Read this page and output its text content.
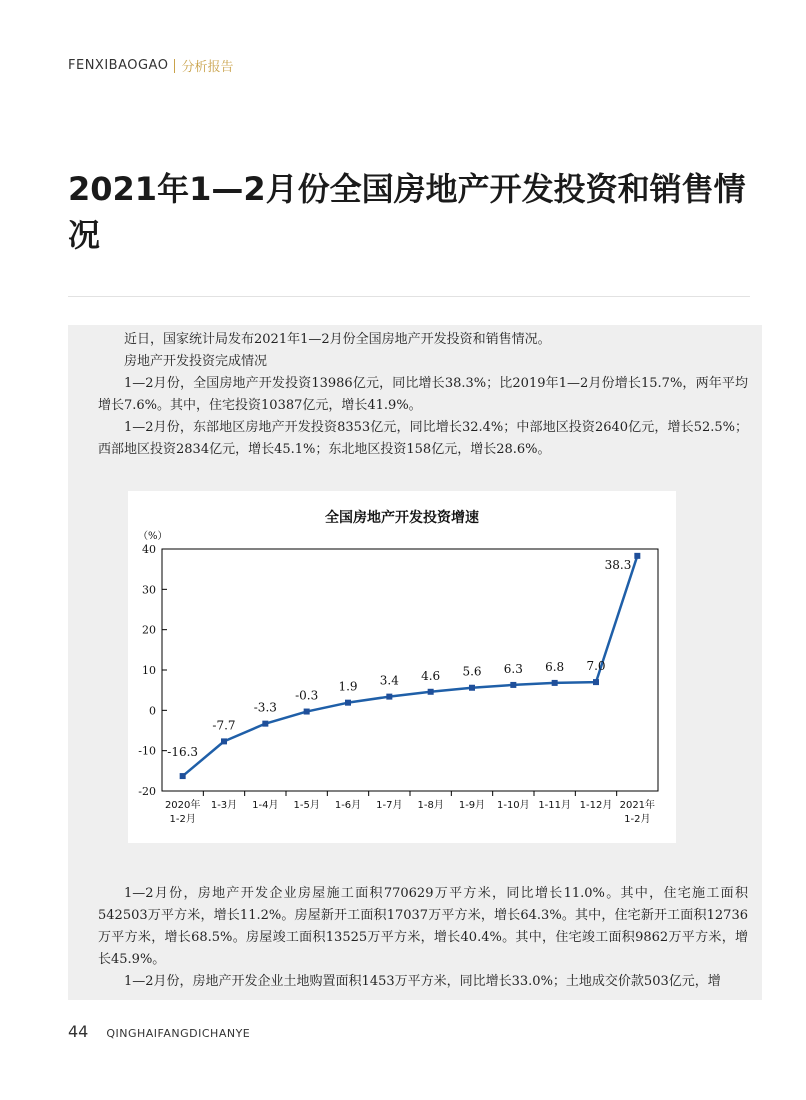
FENXIBAOGAO 分析报告
2021年1—2月份全国房地产开发投资和销售情况

近日，国家统计局发布2021年1—2月份全国房地产开发投资和销售情况。

房地产开发投资完成情况

1—2月份，全国房地产开发投资13986亿元，同比增长38.3%；比2019年1—2月份增长15.7%，两年平均增长7.6%。其中，住宅投资10387亿元，增长41.9%。

1—2月份，东部地区房地产开发投资8353亿元，同比增长32.4%；中部地区投资2640亿元，增长52.5%；西部地区投资2834亿元，增长45.1%；东北地区投资158亿元，增长28.6%。

全国房地产开发投资增速
（%）
40
30
20
10
0
-10
-20
2020年
1-2月
1-3月 1-4月 1-5月 1-6月 1-7月 1-8月 1-9月 1-10月 1-11月 1-12月 2021年
1-2月
-16.3
-7.7
-3.3
-0.3
1.9 3.4 4.6 5.6 6.3 6.8 7.0
38.3

1—2月份，房地产开发企业房屋施工面积770629万平方米，同比增长11.0%。其中，住宅施工面积542503万平方米，增长11.2%。房屋新开工面积17037万平方米，增长64.3%。其中，住宅新开工面积12736万平方米，增长68.5%。房屋竣工面积13525万平方米，增长40.4%。其中，住宅竣工面积9862万平方米，增长45.9%。

1—2月份，房地产开发企业土地购置面积1453万平方米，同比增长33.0%；土地成交价款503亿元，增

44 QINGHAIFANGDICHANYE
